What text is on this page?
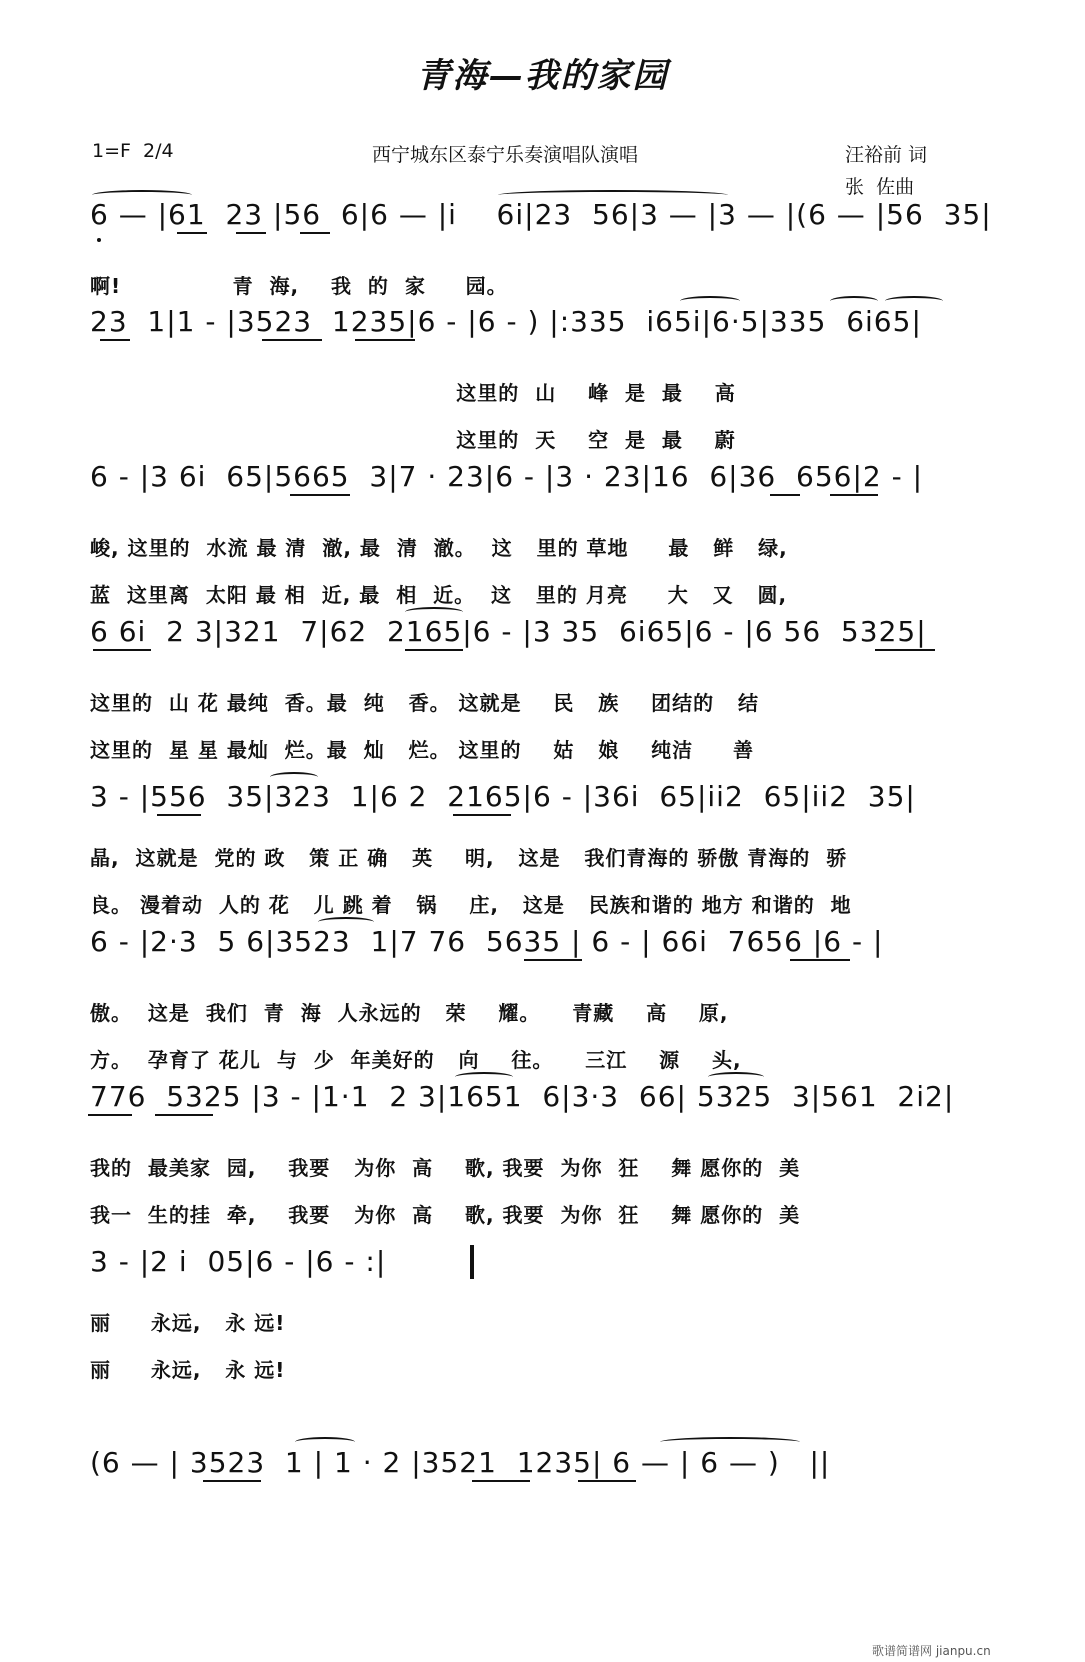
青海—我的家园
1=F  2/4	西宁城东区泰宁乐奏演唱队演唱	汪裕前 词
张  佐曲
6 — |61  23 |56  6|6 — |i    6i|23  56|3 — |3 — |(6 — |56  35|
啊!              青  海,    我  的  家     园。
23  1|1 - |3523  1235|6 - |6 - ) |:335  i65i|6·5|335  6i65|
这里的  山    峰  是  最    高
这里的  天    空  是  最    蔚
6 - |3 6i  65|5665  3|7 · 23|6 - |3 · 23|16  6|36  656|2 - |
峻, 这里的  水流 最 清  澈, 最  清  澈。  这   里的 草地     最   鲜   绿,
蓝  这里离  太阳 最 相  近, 最  相  近。  这   里的 月亮     大   又   圆,
6 6i  2 3|321  7|62  2165|6 - |3 35  6i65|6 - |6 56  5325|
这里的  山 花 最纯  香。最  纯   香。 这就是    民   族    团结的   结
这里的  星 星 最灿  烂。最  灿   烂。 这里的    姑   娘    纯洁     善
3 - |556  35|323  1|6 2  2165|6 - |36i  65|ii2  65|ii2  35|
晶,  这就是  党的 政   策 正 确   英    明,   这是   我们青海的 骄傲 青海的  骄
良。 漫着动  人的 花   儿 跳 着   锅    庄,   这是   民族和谐的 地方 和谐的  地
6 - |2·3  5 6|3523  1|7 76  5635 | 6 - | 66i  7656 |6 - |
傲。  这是  我们  青  海  人永远的   荣    耀。    青藏    高    原,
方。  孕育了 花儿  与  少  年美好的   向    往。    三江    源    头,
776  5325 |3 - |1·1  2 3|1651  6|3·3  66| 5325  3|561  2i2|
我的  最美家  园,    我要   为你  高    歌, 我要  为你  狂    舞 愿你的  美
我一  生的挂  牵,    我要   为你  高    歌, 我要  为你  狂    舞 愿你的  美
3 - |2 i  05|6 - |6 - :|
丽     永远,   永 远!
丽     永远,   永 远!
(6 — | 3523  1 | 1 · 2 |3521  1235| 6 — | 6 — )   ||
歌谱简谱网 jianpu.cn
